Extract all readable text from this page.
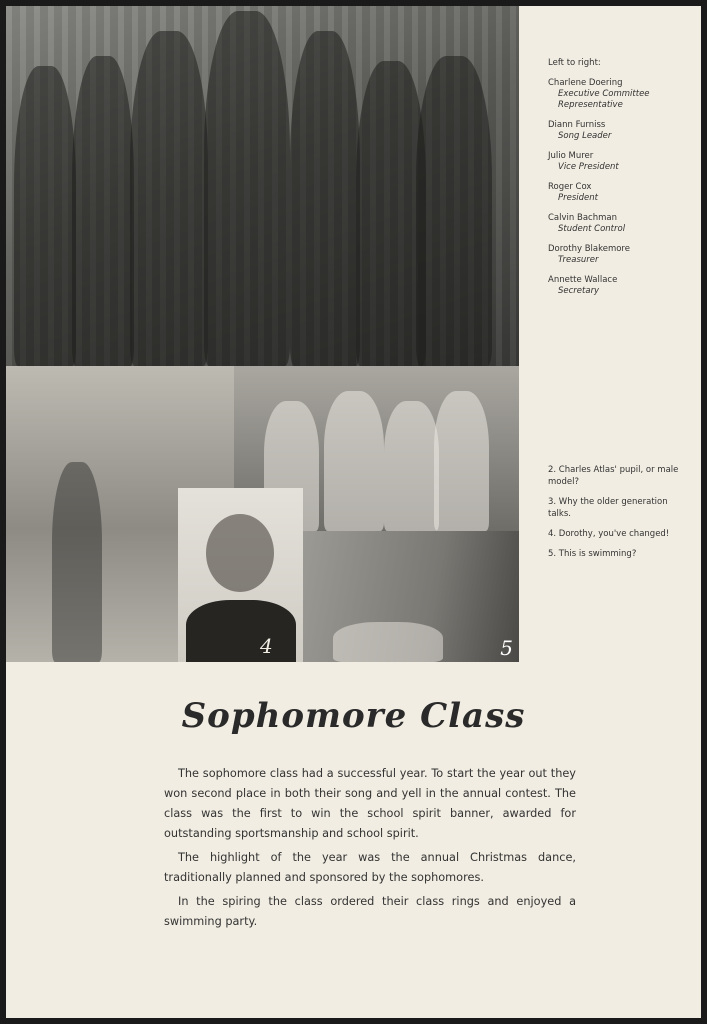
4	5
Left to right:
Charlene Doering
Executive Committee Representative
Diann Furniss
Song Leader
Julio Murer
Vice President
Roger Cox
President
Calvin Bachman
Student Control
Dorothy Blakemore
Treasurer
Annette Wallace
Secretary
2. Charles Atlas' pupil, or male model?
3. Why the older generation talks.
4. Dorothy, you've changed!
5. This is swimming?
Sophomore Class

The sophomore class had a successful year. To start the year out they won second place in both their song and yell in the annual contest. The class was the first to win the school spirit banner, awarded for outstanding sportsmanship and school spirit.

The highlight of the year was the annual Christmas dance, traditionally planned and sponsored by the sophomores.

In the spiring the class ordered their class rings and enjoyed a swimming party.
